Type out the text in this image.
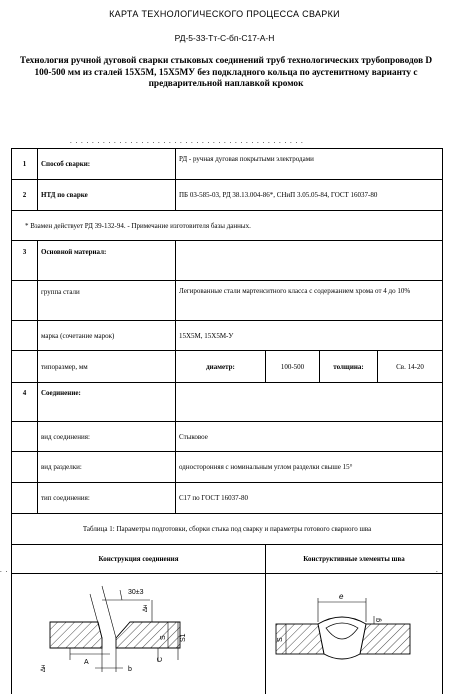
КАРТА ТЕХНОЛОГИЧЕСКОГО ПРОЦЕССА СВАРКИ
РД-5-33-Тт-С-бп-С17-А-Н
Технология ручной дуговой сварки стыковых соединений труб технологических трубопроводов D 100-500 мм из сталей 15Х5М, 15Х5МУ без подкладного кольца по аустенитному варианту с предварительной наплавкой кромок
. . . . . . . . . . . . . . . . . . . . . . . . . . . . . . . . . . . . . . . . . . .
1	Способ сварки:	РД - ручная дуговая покрытыми электродами			
2	НТД по сварке	ПБ 03-585-03, РД 38.13.004-86*, СНиП 3.05.05-84, ГОСТ 16037-80			
* Взамен действует РД 39-132-94. - Примечание изготовителя базы данных.					
3	Основной материал:				
	группа стали	Легированные стали мартенситного класса с содержанием хрома от 4 до 10%			
	марка (сочетание марок)	15Х5М, 15Х5М-У			
	типоразмер, мм	диаметр:	100-500	толщина:	Св. 14-20
4	Соединение:				
	вид соединения:	Стыковое			
	вид разделки:	односторонняя с номинальным углом разделки свыше 15°			
	тип соединения:	С17 по ГОСТ 16037-80			
Таблица 1: Параметры подготовки, сборки стыка под сварку и параметры готового сварного шва					
Конструкция соединения			Конструктивные элементы шва		

. .	. .
30±3
Δн
S S1
C
A
b
Δн
e
g
S
